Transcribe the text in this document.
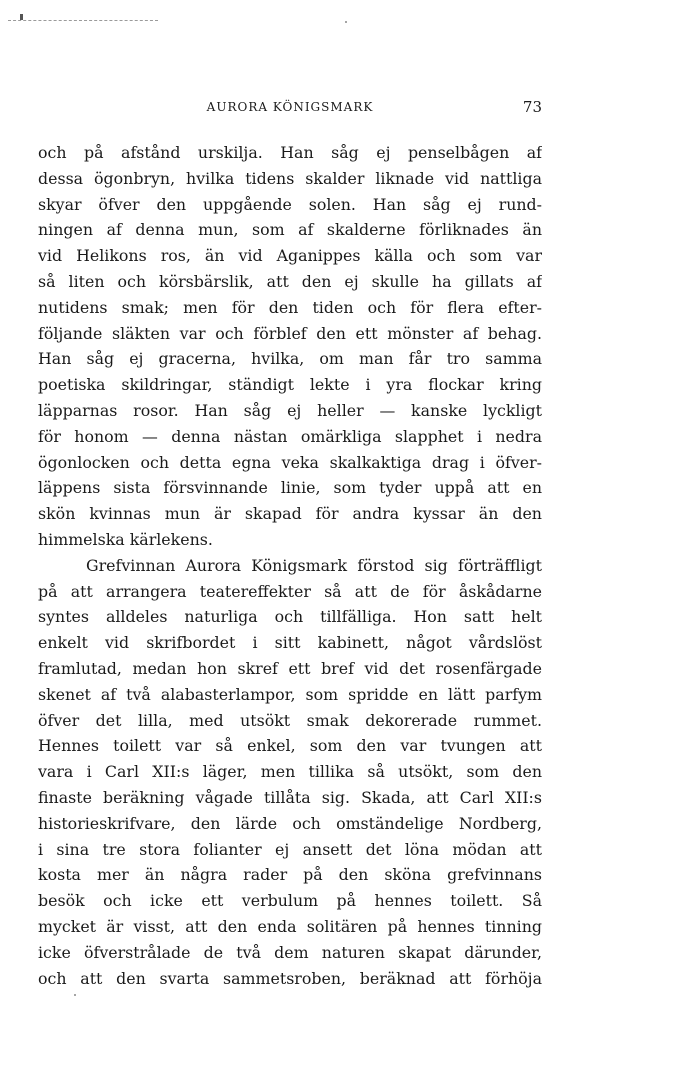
AURORA KÖNIGSMARK	73
och på afstånd urskilja. Han såg ej penselbågen af
dessa ögonbryn, hvilka tidens skalder liknade vid nattliga
skyar öfver den uppgående solen. Han såg ej rund-
ningen af denna mun, som af skalderne förliknades än
vid Helikons ros, än vid Aganippes källa och som var
så liten och körsbärslik, att den ej skulle ha gillats af
nutidens smak; men för den tiden och för flera efter-
följande släkten var och förblef den ett mönster af behag.
Han såg ej gracerna, hvilka, om man får tro samma
poetiska skildringar, ständigt lekte i yra flockar kring
läpparnas rosor. Han såg ej heller — kanske lyckligt
för honom — denna nästan omärkliga slapphet i nedra
ögonlocken och detta egna veka skalkaktiga drag i öfver-
läppens sista försvinnande linie, som tyder uppå att en
skön kvinnas mun är skapad för andra kyssar än den
himmelska kärlekens.
Grefvinnan Aurora Königsmark förstod sig förträffligt
på att arrangera teatereffekter så att de för åskådarne
syntes alldeles naturliga och tillfälliga. Hon satt helt
enkelt vid skrifbordet i sitt kabinett, något vårdslöst
framlutad, medan hon skref ett bref vid det rosenfärgade
skenet af två alabasterlampor, som spridde en lätt parfym
öfver det lilla, med utsökt smak dekorerade rummet.
Hennes toilett var så enkel, som den var tvungen att
vara i Carl XII:s läger, men tillika så utsökt, som den
finaste beräkning vågade tillåta sig. Skada, att Carl XII:s
historieskrifvare, den lärde och omständelige Nordberg,
i sina tre stora folianter ej ansett det löna mödan att
kosta mer än några rader på den sköna grefvinnans
besök och icke ett verbulum på hennes toilett. Så
mycket är visst, att den enda solitären på hennes tinning
icke öfverstrålade de två dem naturen skapat därunder,
och att den svarta sammetsroben, beräknad att förhöja
